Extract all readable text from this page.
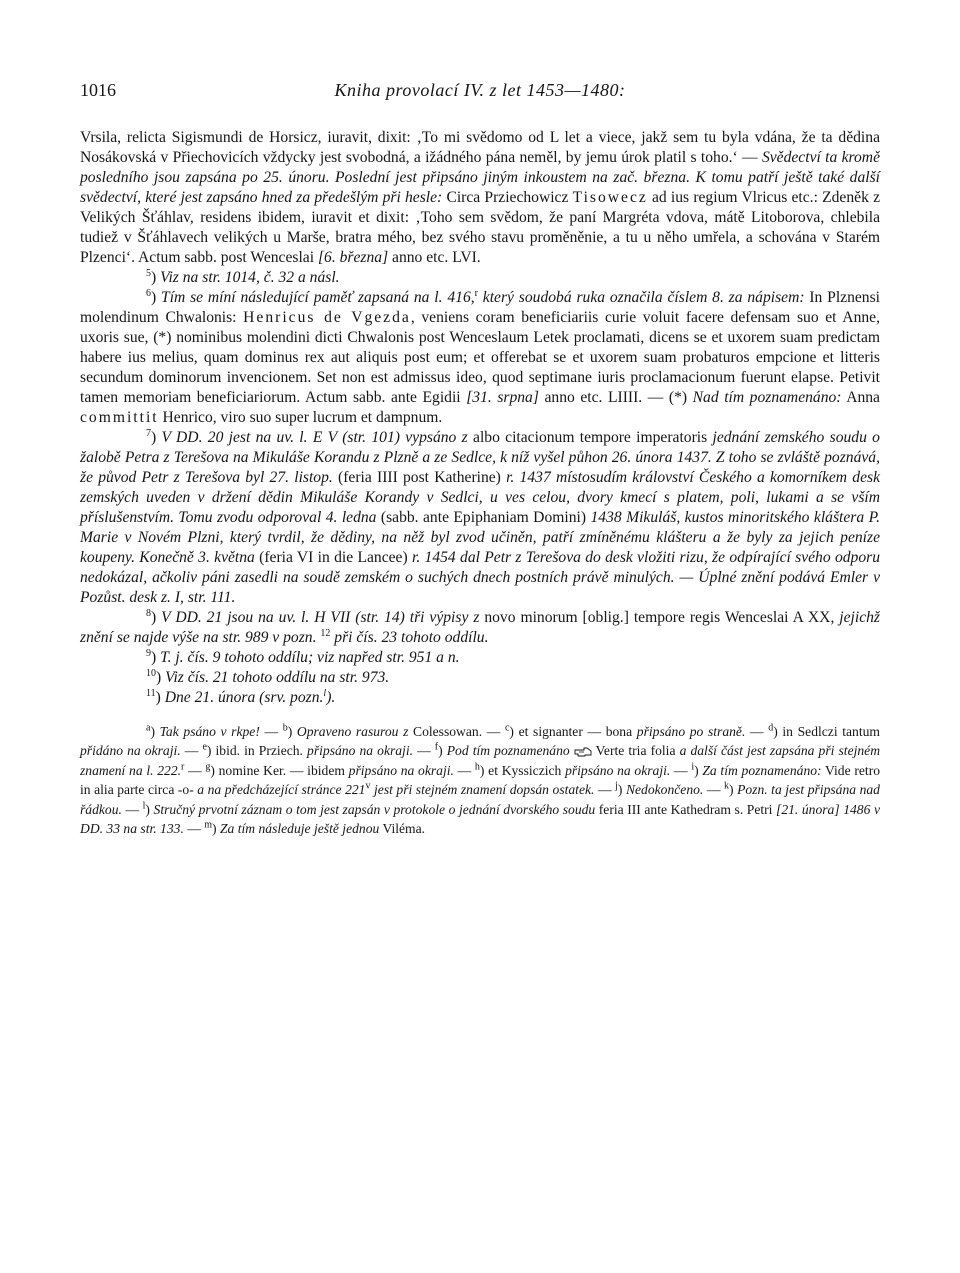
1016	Kniha provolací IV. z let 1453—1480:

Vrsila, relicta Sigismundi de Horsicz, iuravit, dixit: ‚To mi svědomo od L let a viece, jakž sem tu byla vdána, že ta dědina Nosákovská v Přiechovicích vždycky jest svobodná, a ižádného pána neměl, by jemu úrok platil s toho.‘ — Svědectví ta kromě posledního jsou zapsána po 25. únoru. Poslední jest připsáno jiným inkoustem na zač. března. K tomu patří ještě také další svědectví, které jest zapsáno hned za předešlým při hesle: Circa Prziechowicz Tisowecz ad ius regium Vlricus etc.: Zdeněk z Velikých Šťáhlav, residens ibidem, iuravit et dixit: ‚Toho sem svědom, že paní Margréta vdova, mátě Litoborova, chlebila tudiež v Šťáhlavech velikých u Marše, bratra mého, bez svého stavu proměněnie, a tu u něho umřela, a schována v Starém Plzenci‘. Actum sabb. post Wenceslai [6. března] anno etc. LVI.

$^5$) Viz na str. 1014, č. 32 a násl.

$^6$) Tím se míní následující paměť zapsaná na l. 416,$^r$ který soudobá ruka označila číslem 8. za nápisem: In Plznensi molendinum Chwalonis: Henricus de Vgezda, veniens coram beneficiariis curie voluit facere defensam suo et Anne, uxoris sue, (*) nominibus molendini dicti Chwalonis post Wenceslaum Letek proclamati, dicens se et uxorem suam predictam habere ius melius, quam dominus rex aut aliquis post eum; et offerebat se et uxorem suam probaturos empcione et litteris secundum dominorum invencionem. Set non est admissus ideo, quod septimane iuris proclamacionum fuerunt elapse. Petivit tamen memoriam beneficiariorum. Actum sabb. ante Egidii [31. srpna] anno etc. LIIII. — (*) Nad tím poznamenáno: Anna committit Henrico, viro suo super lucrum et dampnum.

$^7$) V DD. 20 jest na uv. l. E V (str. 101) vypsáno z albo citacionum tempore imperatoris jednání zemského soudu o žalobě Petra z Terešova na Mikuláše Korandu z Plzně a ze Sedlce, k níž vyšel půhon 26. února 1437. Z toho se zvláště poznává, že původ Petr z Terešova byl 27. listop. (feria IIII post Katherine) r. 1437 místosudím království Českého a komorníkem desk zemských uveden v držení dědin Mikuláše Korandy v Sedlci, u ves celou, dvory kmecí s platem, poli, lukami a se vším příslušenstvím. Tomu zvodu odporoval 4. ledna (sabb. ante Epiphaniam Domini) 1438 Mikuláš, kustos minoritského kláštera P. Marie v Novém Plzni, který tvrdil, že dědiny, na něž byl zvod učiněn, patří zmíněnému klášteru a že byly za jejich peníze koupeny. Konečně 3. května (feria VI in die Lancee) r. 1454 dal Petr z Terešova do desk vložiti rizu, že odpírající svého odporu nedokázal, ačkoliv páni zasedli na soudě zemském o suchých dnech postních právě minulých. — Úplné znění podává Emler v Pozůst. desk z. I, str. 111.

$^8$) V DD. 21 jsou na uv. l. H VII (str. 14) tři výpisy z novo minorum [oblig.] tempore regis Wenceslai A XX, jejichž znění se najde výše na str. 989 v pozn. $^{12}$ při čís. 23 tohoto oddílu.

$^9$) T. j. čís. 9 tohoto oddílu; viz napřed str. 951 a n.

$^{10}$) Viz čís. 21 tohoto oddílu na str. 973.

$^{11}$) Dne 21. února (srv. pozn.$^l$).

$^a$) Tak psáno v rkpe! — $^b$) Opraveno rasurou z Colessowan. — $^c$) et signanter — bona připsáno po straně. — $^d$) in Sedlczi tantum přidáno na okraji. — $^e$) ibid. in Prziech. připsáno na okraji. — $^f$) Pod tím poznamenáno  Verte tria folia a další část jest zapsána při stejném znamení na l. 222.$^r$ — $^g$) nomine Ker. — ibidem připsáno na okraji. — $^h$) et Kyssiczich připsáno na okraji. — $^i$) Za tím poznamenáno: Vide retro in alia parte circa -o- a na předcházející stránce 221$^v$ jest při stejném znamení dopsán ostatek. — $^j$) Nedokončeno. — $^k$) Pozn. ta jest připsána nad řádkou. — $^l$) Stručný prvotní záznam o tom jest zapsán v protokole o jednání dvorského soudu feria III ante Kathedram s. Petri [21. února] 1486 v DD. 33 na str. 133. — $^m$) Za tím následuje ještě jednou Viléma.
